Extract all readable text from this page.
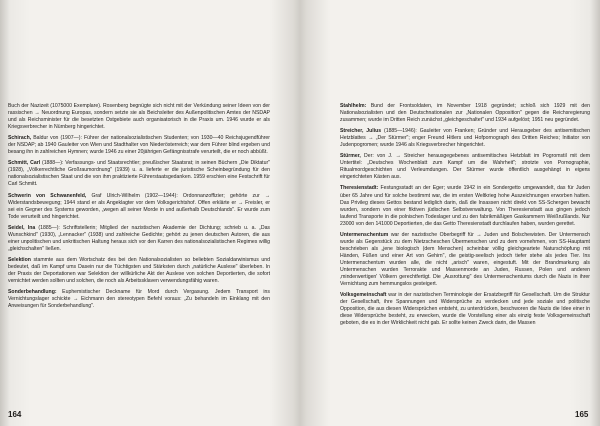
Buch der Nazizeit (1075000 Exemplare). Rosenberg begnügte sich nicht mit der Verkündung seiner Ideen von der rassischen → Neuordnung Europas, sondern setzte sie als Beichsleiter des Außenpolitischen Amtes der NSDAP und als Reichsminister für die besetzten Ostgebiete auch organisatorisch in die Praxis um. 1946 wurde er als Kriegsverbrecher in Nürnberg hingerichtet.

Schirach, Baldur von (1907—): Führer der nationalsozialistischen Studenten; von 1930—40 Reichsjugendführer der NSDAP; ab 1940 Gauleiter von Wien und Stadthalter von Niederösterreich; war dem Führer blind ergeben und besang ihn in zahlreichen Hymnen; wurde 1946 zu einer 20jährigen Gefängnisstrafe verurteilt, die er noch abbüßt.

Schmitt, Carl (1888—): Verfassungs- und Staatsrechtler; preußischer Staatsrat; in seinen Büchern „Die Diktatur" (1928), „Völkerrechtliche Großraumordnung" (1939) u. a. lieferte er die juristische Scheinbegründung für den nationalsozialistischen Staat und die von ihm praktizierte Führerstaatsgedanken. 1959 erschien eine Festschrift für Carl Schmitt.

Schwerin von Schwanenfeld, Graf Ulrich-Wilhelm (1902—1944): Ordonnanzoffizier; gehörte zur → Widerstandsbewegung; 1944 stand er als Angeklagter vor dem Volksgerichtshof. Offen erklärte er → Freisler, er sei ein Gegner des Systems geworden, „wegen all seiner Morde in und außerhalb Deutschlands". Er wurde zum Tode verurteilt und hingerichtet.

Seidel, Ina (1885—): Schriftstellerin; Mitglied der nazistischen Akademie der Dichtung; schrieb u. a. „Das Wunschkind" (1930), „Lennacker" (1938) und zahlreiche Gedichte; gehört zu jenen deutschen Autoren, die aus einer unpolitischen und unkritischen Haltung heraus sich vor den Karren des nationalsozialistischen Regimes willig „gleichschalten" ließen.

Selektion stammte aus dem Wortschatz des bei den Nationalsozialisten so beliebten Sozialdarwinismus und bedeutet, daß im Kampf ums Dasein nur die Tüchtigsten und Stärksten durch „natürliche Auslese" überleben. In der Praxis der Deportationen war Selektion der willkürliche Akt der Auslese von solchen Deportierten, die sofort vernichtet werden sollten und solchen, die noch als Arbeitssklaven verwendungsfähig waren.

Sonderbehandlung: Euphemistischer Deckname für Mord durch Vergasung. Jedem Transport ins Vernichtungslager schickte → Eichmann den stereotypen Befehl voraus: „Zu behandeln im Einklang mit den Anweisungen für Sonderbehandlung".

Stahlhelm: Bund der Frontsoldaten, im November 1918 gegründet; schloß sich 1929 mit den Nationalsozialisten und den Deutschnationalen zur „Nationalen Opposition" gegen die Reichsregierung zusammen; wurde im Dritten Reich zunächst „gleichgeschaltet" und 1934 aufgelöst; 1951 neu gegründet.

Streicher, Julius (1885—1946): Gauleiter von Franken; Gründer und Herausgeber des antisemitischen Hetzblattes → „Der Stürmer"; enger Freund Hitlers und Hofpornograph des Dritten Reiches; Initiator von Judenpogromen; wurde 1946 als Kriegsverbrecher hingerichtet.

Stürmer, Der: von J. → Streicher herausgegebenes antisemitisches Hetzblatt im Pogromstil mit dem Untertitel: „Deutsches Wochenblatt zum Kampf um die Wahrheit"; strotzte von Pornographie, Ritualmordgeschichten und Verleumdungen. Der Stürmer wurde öffentlich ausgehängt in eigens eingerichteten Kästen aus.

Theresienstadt: Festungsstadt an der Eger; wurde 1942 in ein Sondergetto umgewandelt, das für Juden über 65 Jahre und für solche bestimmt war, die im ersten Weltkrieg hohe Auszeichnungen erworben hatten. Das Privileg dieses Gettos bestand lediglich darin, daß die Insassen nicht direkt von SS-Schergen bewacht wurden, sondern von einer fiktiven jüdischen Selbstverwaltung. Von Theresienstadt aus gingen jedoch laufend Transporte in die polnischen Todeslager und zu den fabrikmäßigen Gaskammern Weißrußlands. Nur 23000 von den 141000 Deportierten, die das Getto Theresienstadt durchlaufen haben, wurden gerettet.

Untermenschentum war der nazistische Oberbegriff für → Juden und Bolschewisten. Der Untermensch wurde als Gegenstück zu dem Nietzscheschen Übermenschen und zu dem vornehmen, von SS-Hauptamt beschrieben als „jene biologisch (dem Menschen) scheinbar völlig gleichgeartete Naturschöpfung mit Händen, Füßen und einer Art von Gehirn", die geistig-seelisch jedoch tiefer stehe als jedes Tier. Ins Untermenschentum wurden alle, die nicht „arisch" waren, eingestuft. Mit der Brandmarkung als Untermenschen wurden Terrorakte und Massenmorde an Juden, Russen, Polen und anderen ‚minderwertigen' Völkern gerechtfertigt. Die „Ausrottung" des Untermenschentums durch die Nazis in ihrer Vernichtung zum hemmungslos gesteigert.

Volksgemeinschaft war in der nazistischen Terminologie der Ersatzbegriff für Gesellschaft. Um die Struktur der Gesellschaft, ihre Spannungen und Widersprüche zu verdecken und jede soziale und politische Opposition, die aus diesen Widersprüchen entsteht, zu unterdrücken, beschworen die Nazis die Idee einer in diese Widersprüche besteht, zu erwecken, wurde die Vorstellung einer als einzig feste Volksgemeinschaft geboten, die es in der Wirklichkeit nicht gab. Er sollte keinen Zweck darin, die Massen

164	165
